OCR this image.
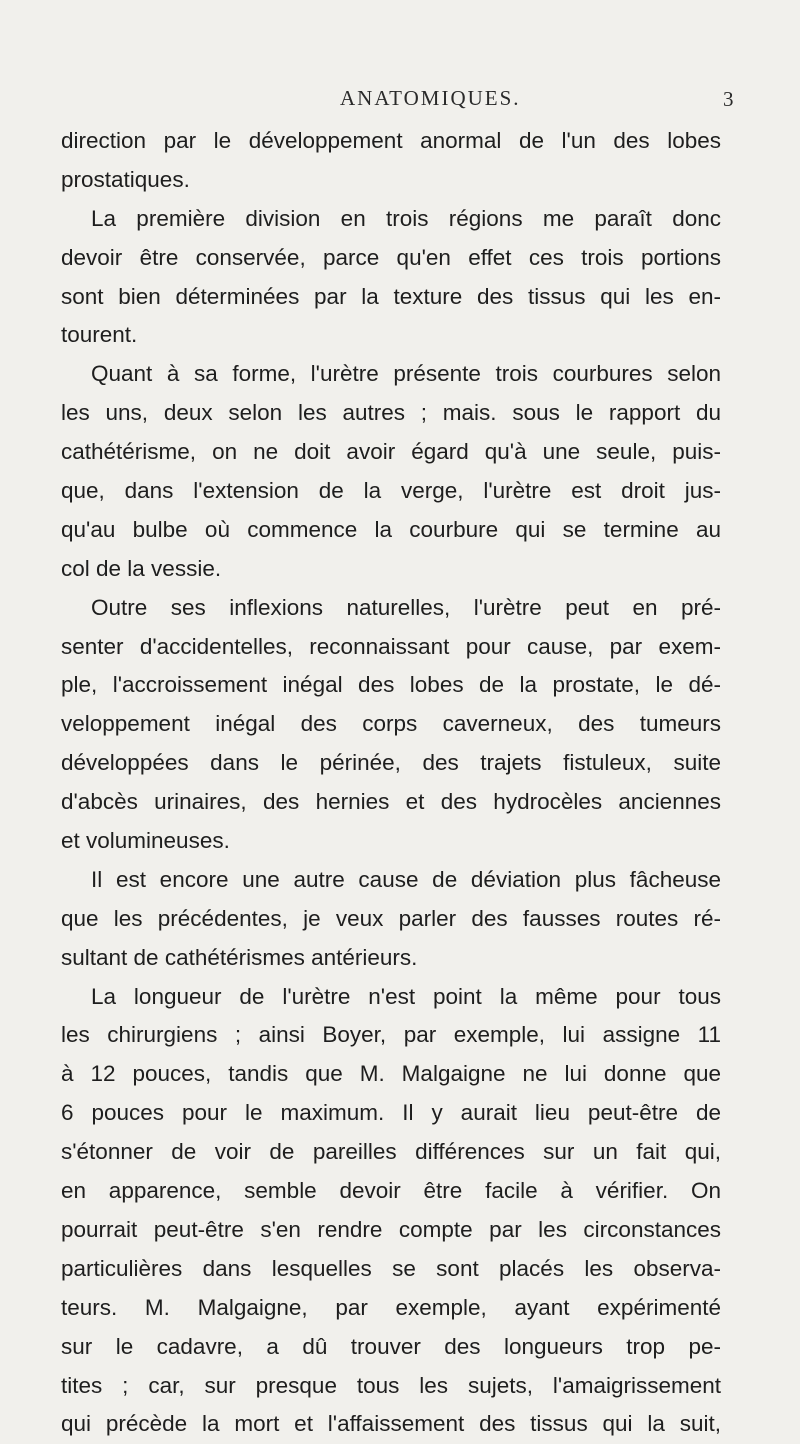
ANATOMIQUES.	3
direction par le développement anormal de l'un des lobes
prostatiques.
La première division en trois régions me paraît donc
devoir être conservée, parce qu'en effet ces trois portions
sont bien déterminées par la texture des tissus qui les en-
tourent.
Quant à sa forme, l'urètre présente trois courbures selon
les uns, deux selon les autres ; mais. sous le rapport du
cathétérisme, on ne doit avoir égard qu'à une seule, puis-
que, dans l'extension de la verge, l'urètre est droit jus-
qu'au bulbe où commence la courbure qui se termine au
col de la vessie.
Outre ses inflexions naturelles, l'urètre peut en pré-
senter d'accidentelles, reconnaissant pour cause, par exem-
ple, l'accroissement inégal des lobes de la prostate, le dé-
veloppement inégal des corps caverneux, des tumeurs
développées dans le périnée, des trajets fistuleux, suite
d'abcès urinaires, des hernies et des hydrocèles anciennes
et volumineuses.
Il est encore une autre cause de déviation plus fâcheuse
que les précédentes, je veux parler des fausses routes ré-
sultant de cathétérismes antérieurs.
La longueur de l'urètre n'est point la même pour tous
les chirurgiens ; ainsi Boyer, par exemple, lui assigne 11
à 12 pouces, tandis que M. Malgaigne ne lui donne que
6 pouces pour le maximum. Il y aurait lieu peut-être de
s'étonner de voir de pareilles différences sur un fait qui,
en apparence, semble devoir être facile à vérifier. On
pourrait peut-être s'en rendre compte par les circonstances
particulières dans lesquelles se sont placés les observa-
teurs. M. Malgaigne, par exemple, ayant expérimenté
sur le cadavre, a dû trouver des longueurs trop pe-
tites ; car, sur presque tous les sujets, l'amaigrissement
qui précède la mort et l'affaissement des tissus qui la suit,
